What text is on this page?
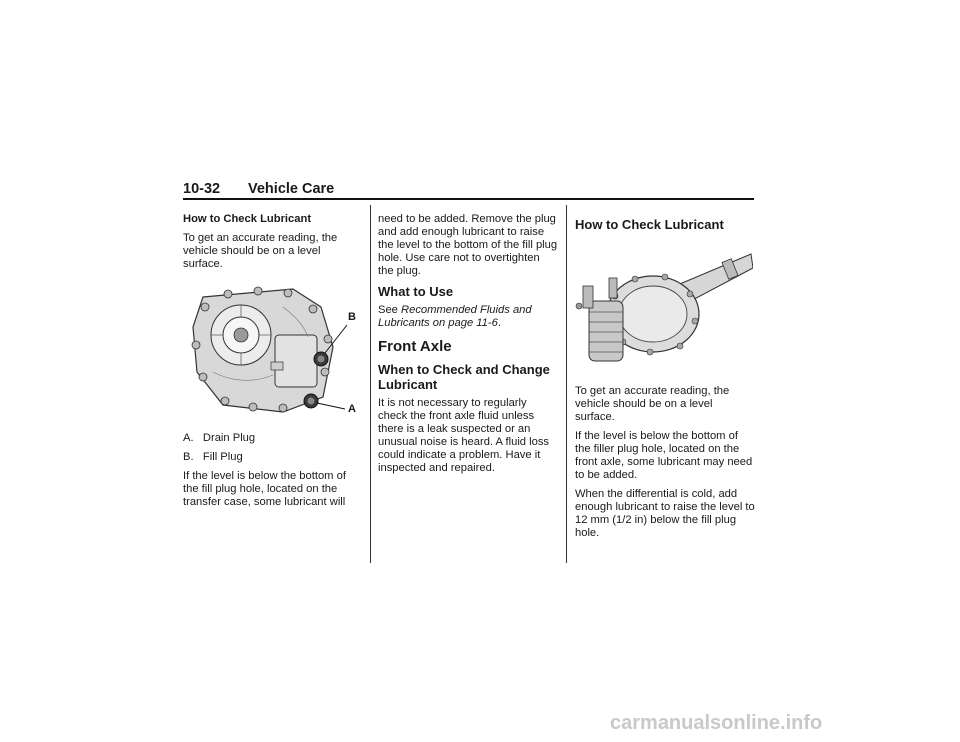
10-32 Vehicle Care

How to Check Lubricant

To get an accurate reading, the vehicle should be on a level surface.

B
A

A.   Drain Plug

B.   Fill Plug

If the level is below the bottom of the fill plug hole, located on the transfer case, some lubricant will

need to be added. Remove the plug and add enough lubricant to raise the level to the bottom of the fill plug hole. Use care not to overtighten the plug.

What to Use

See Recommended Fluids and Lubricants on page 11-6.

Front Axle
When to Check and Change Lubricant

It is not necessary to regularly check the front axle fluid unless there is a leak suspected or an unusual noise is heard. A fluid loss could indicate a problem. Have it inspected and repaired.

How to Check Lubricant

To get an accurate reading, the vehicle should be on a level surface.

If the level is below the bottom of the filler plug hole, located on the front axle, some lubricant may need to be added.

When the differential is cold, add enough lubricant to raise the level to 12 mm (1/2 in) below the fill plug hole.

carmanualsonline.info
